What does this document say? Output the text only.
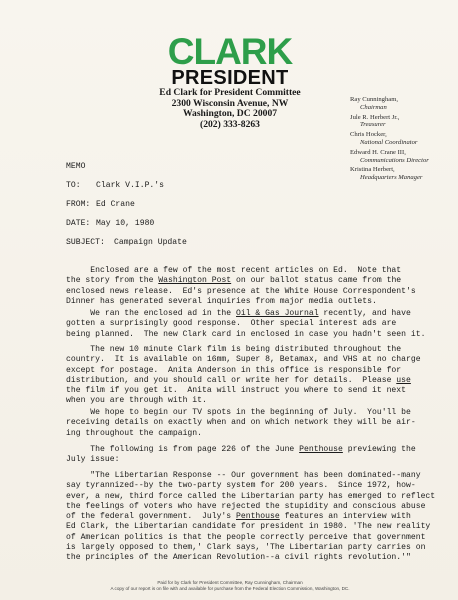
CLARK
PRESIDENT
Ed Clark for President Committee
2300 Wisconsin Avenue, NW
Washington, DC 20007
(202) 333-8263
Ray Cunningham,
Chairman
Jule R. Herbert Jr.,
Treasurer
Chris Hocker,
National Coordinator
Edward H. Crane III,
Communications Director
Kristina Herbert,
Headquarters Manager
MEMO
TO: Clark V.I.P.'s
FROM: Ed Crane
DATE: May 10, 1980
SUBJECT: Campaign Update
Enclosed are a few of the most recent articles on Ed.  Note that
the story from the Washington Post on our ballot status came from the
enclosed news release.  Ed's presence at the White House Correspondent's
Dinner has generated several inquiries from major media outlets.
We ran the enclosed ad in the Oil & Gas Journal recently, and have
gotten a surprisingly good response.  Other special interest ads are
being planned.  The new Clark card in enclosed in case you hadn't seen it.
The new 10 minute Clark film is being distributed throughout the
country.  It is available on 16mm, Super 8, Betamax, and VHS at no charge
except for postage.  Anita Anderson in this office is responsible for
distribution, and you should call or write her for details.  Please use
the film if you get it.  Anita will instruct you where to send it next
when you are through with it.
We hope to begin our TV spots in the beginning of July.  You'll be
receiving details on exactly when and on which network they will be air-
ing throughout the campaign.
The following is from page 226 of the June Penthouse previewing the
July issue:
"The Libertarian Response -- Our government has been dominated--many
say tyrannized--by the two-party system for 200 years.  Since 1972, how-
ever, a new, third force called the Libertarian party has emerged to reflect
the feelings of voters who have rejected the stupidity and conscious abuse
of the federal government.  July's Penthouse features an interview with
Ed Clark, the Libertarian candidate for president in 1980. 'The new reality
of American politics is that the people correctly perceive that government
is largely opposed to them,' Clark says, 'The Libertarian party carries on
the principles of the American Revolution--a civil rights revolution.'"
Paid for by Clark for President Committee, Ray Cunningham, Chairman
A copy of our report is on file with and available for purchase from the Federal Election Commission, Washington, DC.
